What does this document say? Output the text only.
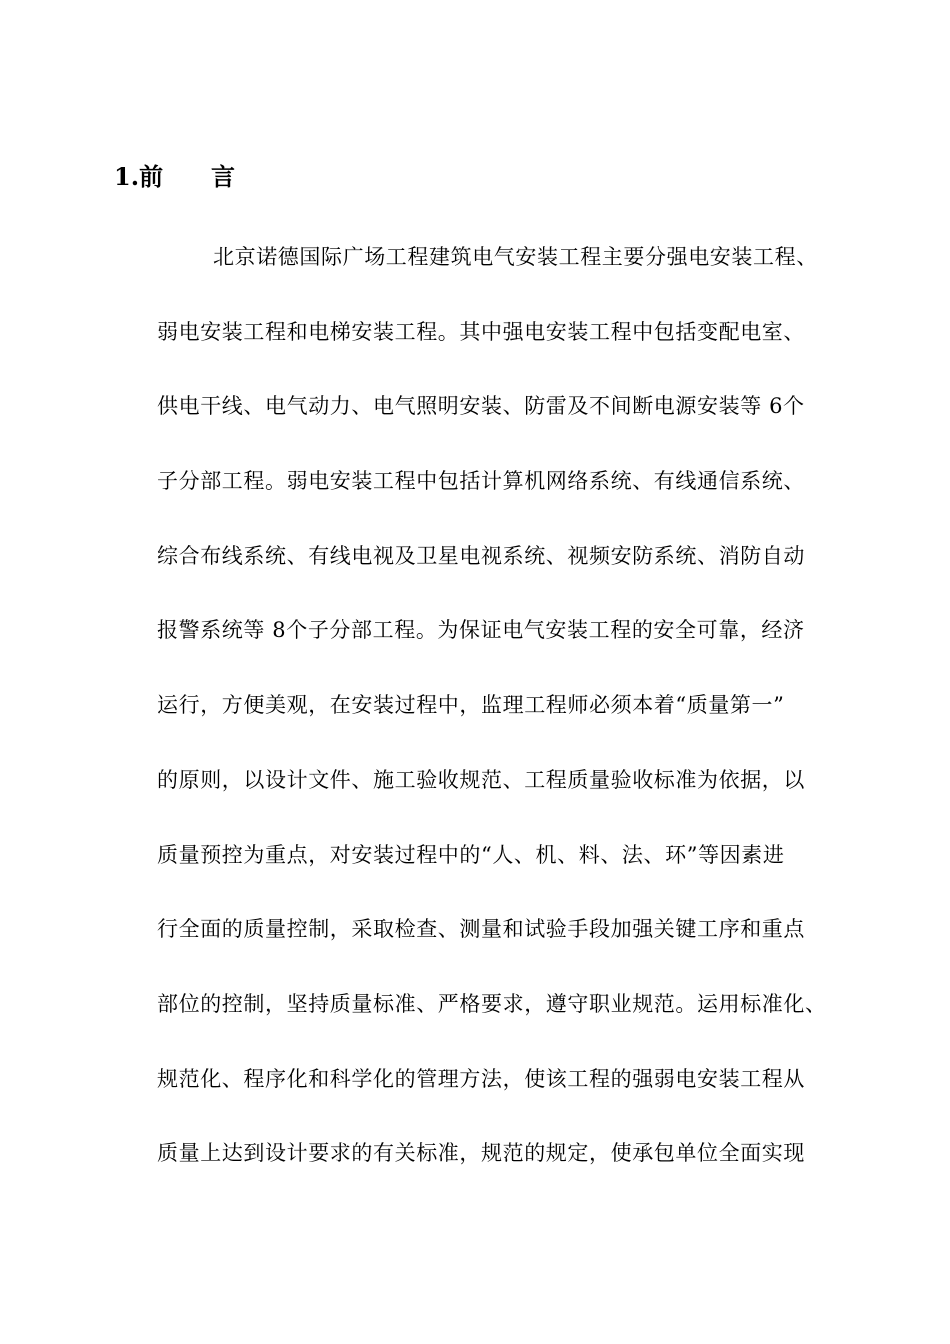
1.前　　言
北京诺德国际广场工程建筑电气安装工程主要分强电安装工程、
弱电安装工程和电梯安装工程。其中强电安装工程中包括变配电室、
供电干线、电气动力、电气照明安装、防雷及不间断电源安装等 6个
子分部工程。弱电安装工程中包括计算机网络系统、有线通信系统、
综合布线系统、有线电视及卫星电视系统、视频安防系统、消防自动
报警系统等 8个子分部工程。为保证电气安装工程的安全可靠，经济
运行，方便美观，在安装过程中，监理工程师必须本着“质量第一”
的原则，以设计文件、施工验收规范、工程质量验收标准为依据，以
质量预控为重点，对安装过程中的“人、机、料、法、环”等因素进
行全面的质量控制，采取检查、测量和试验手段加强关键工序和重点
部位的控制，坚持质量标准、严格要求，遵守职业规范。运用标准化、
规范化、程序化和科学化的管理方法，使该工程的强弱电安装工程从
质量上达到设计要求的有关标准，规范的规定，使承包单位全面实现
